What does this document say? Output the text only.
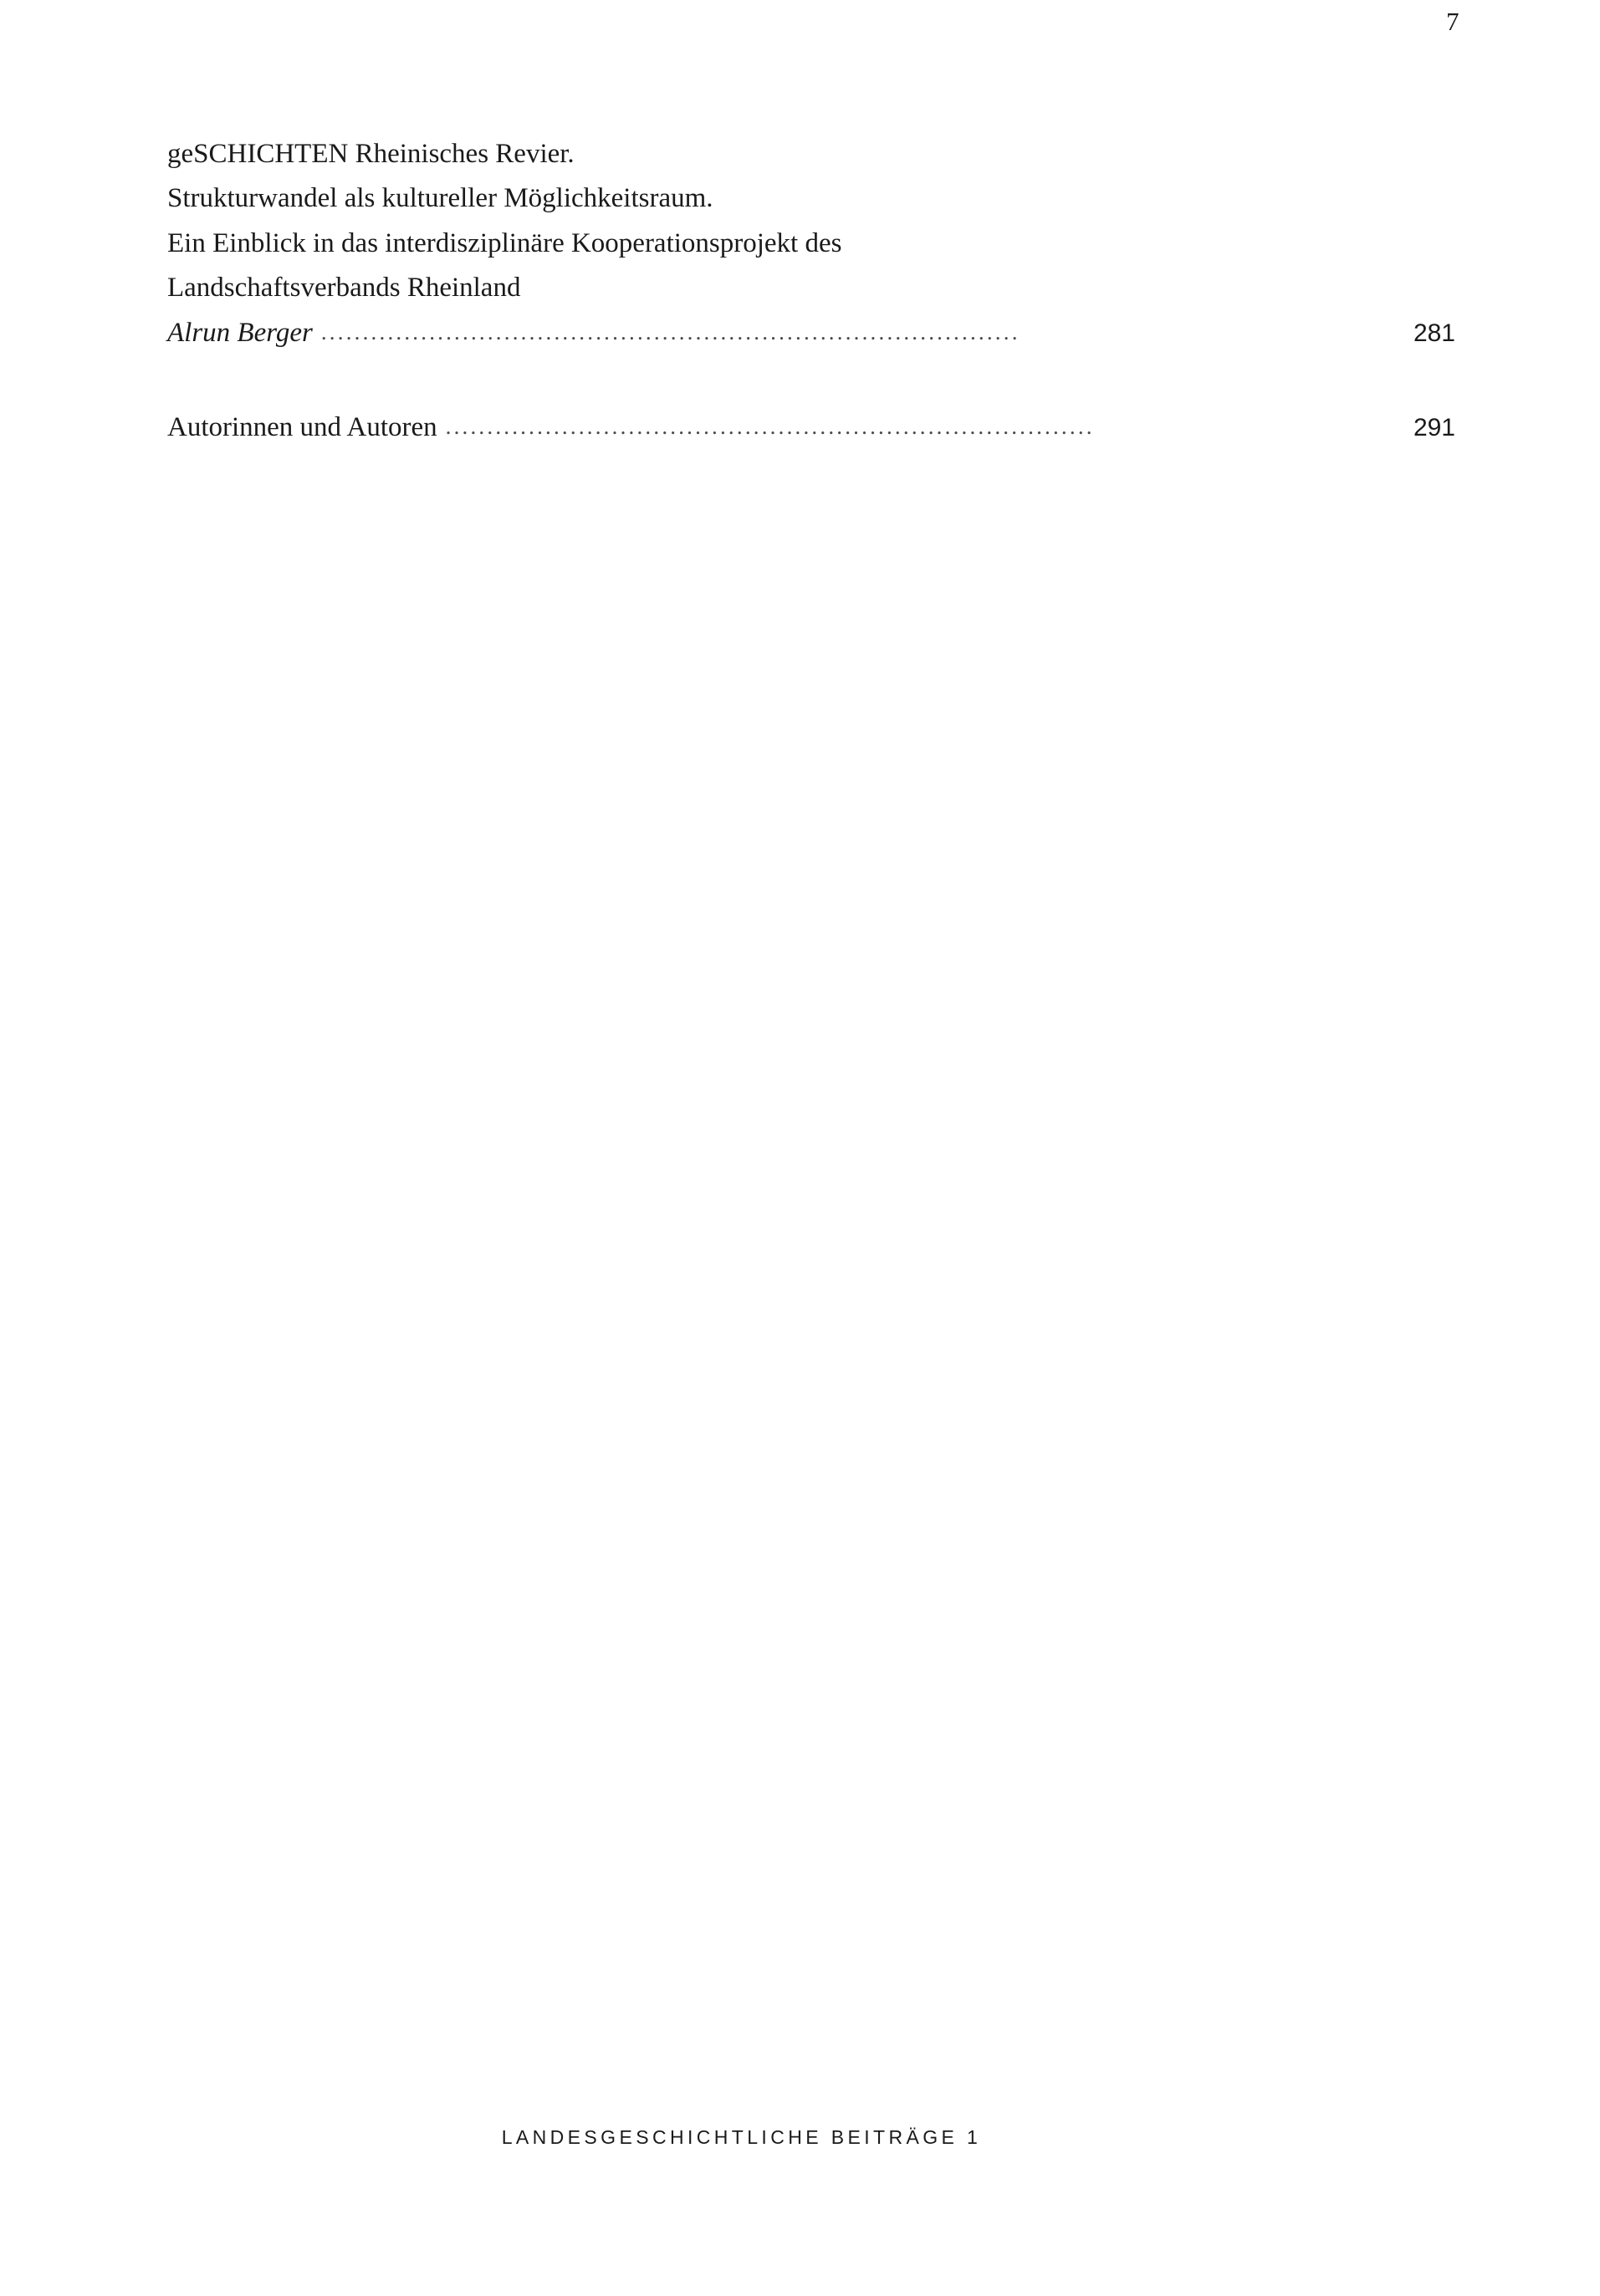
7
geSCHICHTEN Rheinisches Revier.
Strukturwandel als kultureller Möglichkeitsraum.
Ein Einblick in das interdisziplinäre Kooperationsprojekt des
Landschaftsverbands Rheinland
Alrun Berger ....................................................................................	281
Autorinnen und Autoren ..............................................................................	291
LANDESGESCHICHTLICHE BEITRÄGE 1
